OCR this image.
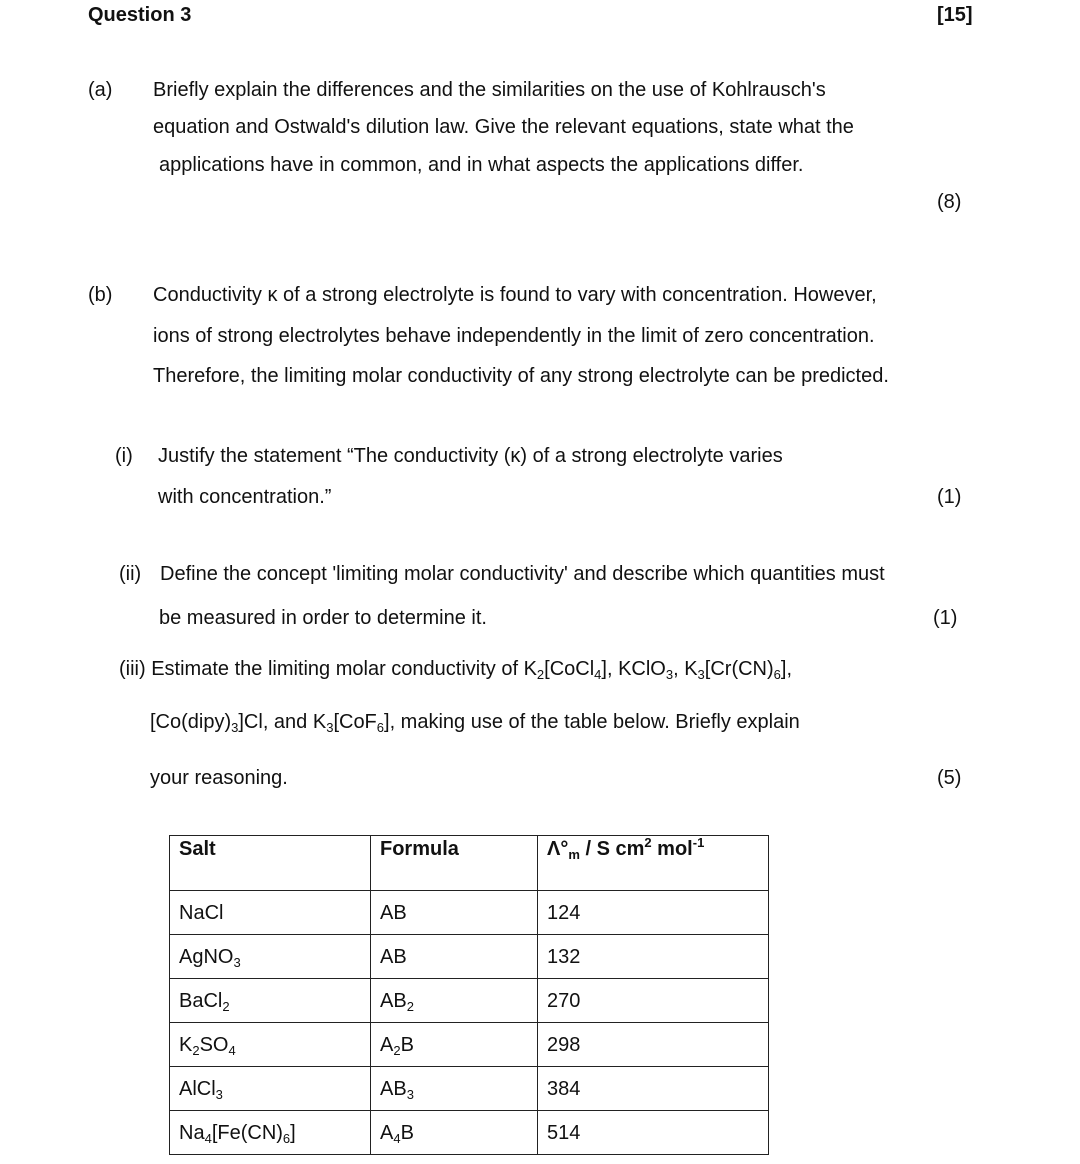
Question 3	[15]
(a) Briefly explain the differences and the similarities on the use of Kohlrausch's
equation and Ostwald's dilution law. Give the relevant equations, state what the
applications have in common, and in what aspects the applications differ.
(8)
(b) Conductivity κ of a strong electrolyte is found to vary with concentration. However,
ions of strong electrolytes behave independently in the limit of zero concentration.
Therefore, the limiting molar conductivity of any strong electrolyte can be predicted.
(i) Justify the statement “The conductivity (κ) of a strong electrolyte varies
with concentration.”	(1)
(ii) Define the concept 'limiting molar conductivity' and describe which quantities must
be measured in order to determine it.	(1)
(iii) Estimate the limiting molar conductivity of $K_2[CoCl_4]$, KClO$_3$, $K_3[Cr(CN)_6]$,
$[Co(dipy)_3]Cl$, and $K_3[CoF_6]$, making use of the table below. Briefly explain
your reasoning.	(5)
Salt	Formula	$\Lambda^\circ_m$ / S $cm^2$ mol$^{-1}$
NaCl	AB	124
AgNO$_3$	AB	132
BaCl$_2$	$AB_2$	270
$K_2SO_4$	$A_2B$	298
AlCl$_3$	$AB_3$	384
$Na_4[Fe(CN)_6]$	$A_4B$	514
